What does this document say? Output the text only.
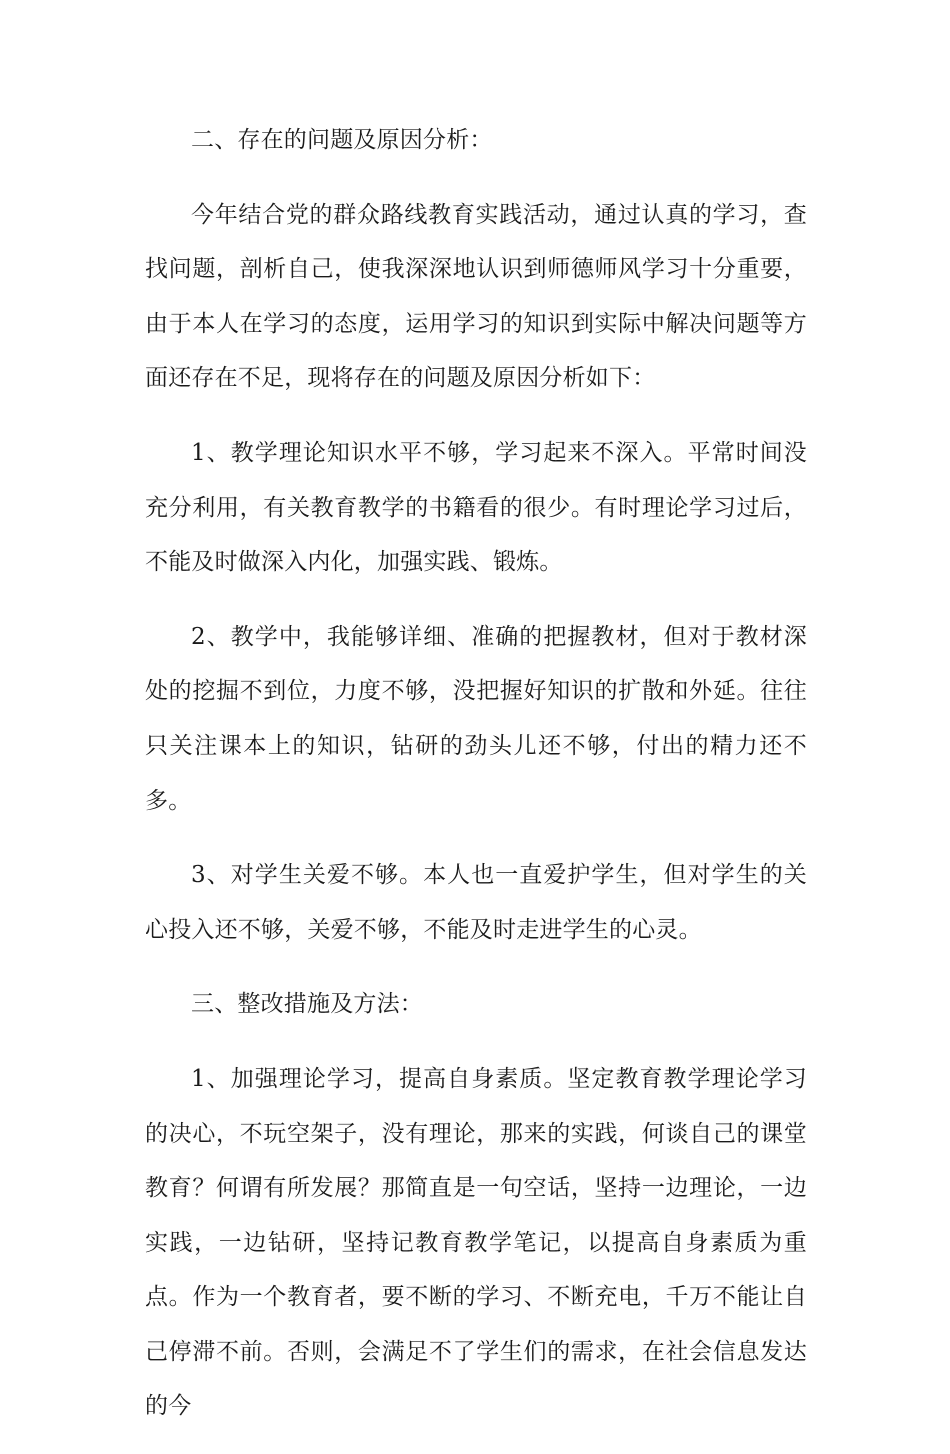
二、存在的问题及原因分析：

今年结合党的群众路线教育实践活动，通过认真的学习，查找问题，剖析自己，使我深深地认识到师德师风学习十分重要，由于本人在学习的态度，运用学习的知识到实际中解决问题等方面还存在不足，现将存在的问题及原因分析如下：

1、教学理论知识水平不够，学习起来不深入。平常时间没充分利用，有关教育教学的书籍看的很少。有时理论学习过后，不能及时做深入内化，加强实践、锻炼。

2、教学中，我能够详细、准确的把握教材，但对于教材深处的挖掘不到位，力度不够，没把握好知识的扩散和外延。往往只关注课本上的知识，钻研的劲头儿还不够，付出的精力还不多。

3、对学生关爱不够。本人也一直爱护学生，但对学生的关心投入还不够，关爱不够，不能及时走进学生的心灵。

三、整改措施及方法：

1、加强理论学习，提高自身素质。坚定教育教学理论学习的决心，不玩空架子，没有理论，那来的实践，何谈自己的课堂教育？何谓有所发展？那简直是一句空话，坚持一边理论，一边实践，一边钻研，坚持记教育教学笔记，以提高自身素质为重点。作为一个教育者，要不断的学习、不断充电，千万不能让自己停滞不前。否则，会满足不了学生们的需求，在社会信息发达的今
